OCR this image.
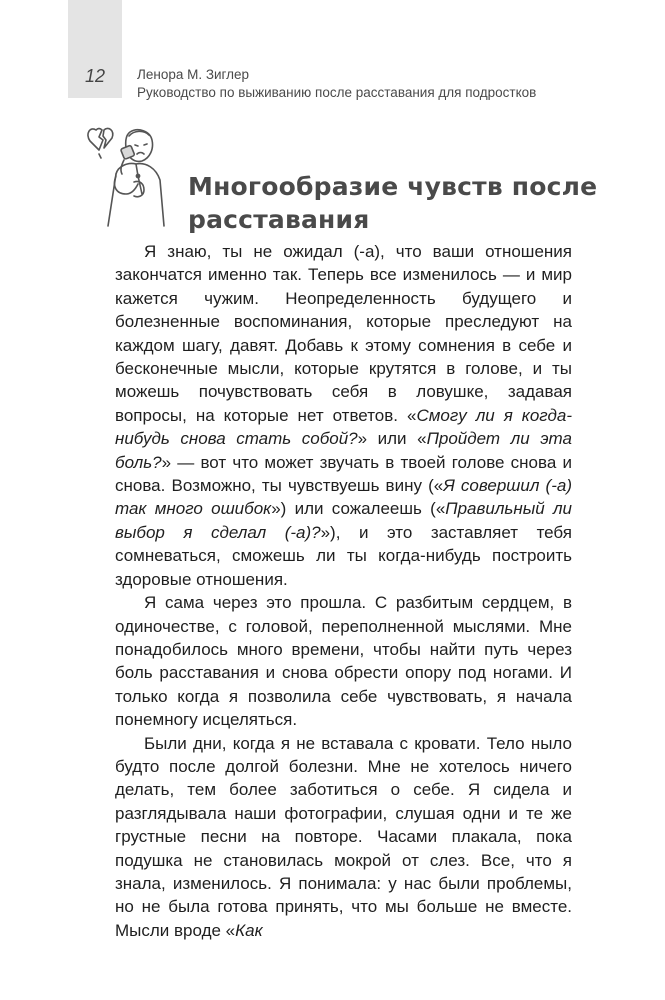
12	Ленора М. Зиглер
Руководство по выживанию после расставания для подростков
Многообразие чувств после
расставания

Я знаю, ты не ожидал (-а), что ваши отношения закончатся именно так. Теперь все изменилось — и мир кажется чужим. Неопределенность будущего и болезненные воспоминания, которые преследуют на каждом шагу, давят. Добавь к этому сомнения в себе и бесконечные мысли, которые крутятся в голове, и ты можешь почувствовать себя в ловушке, задавая вопросы, на которые нет ответов. «Смогу ли я когда-нибудь снова стать собой?» или «Пройдет ли эта боль?» — вот что может звучать в твоей голове снова и снова. Возможно, ты чувствуешь вину («Я совершил (-а) так много ошибок») или сожалеешь («Правильный ли выбор я сделал (-а)?»), и это заставляет тебя сомневаться, сможешь ли ты когда-нибудь построить здоровые отношения.

Я сама через это прошла. С разбитым сердцем, в одиночестве, с головой, переполненной мыслями. Мне понадобилось много времени, чтобы найти путь через боль расставания и снова обрести опору под ногами. И только когда я позволила себе чувствовать, я начала понемногу исцеляться.

Были дни, когда я не вставала с кровати. Тело ныло будто после долгой болезни. Мне не хотелось ничего делать, тем более заботиться о себе. Я сидела и разглядывала наши фотографии, слушая одни и те же грустные песни на повторе. Часами плакала, пока подушка не становилась мокрой от слез. Все, что я знала, изменилось. Я понимала: у нас были проблемы, но не была готова принять, что мы больше не вместе. Мысли вроде «Как
